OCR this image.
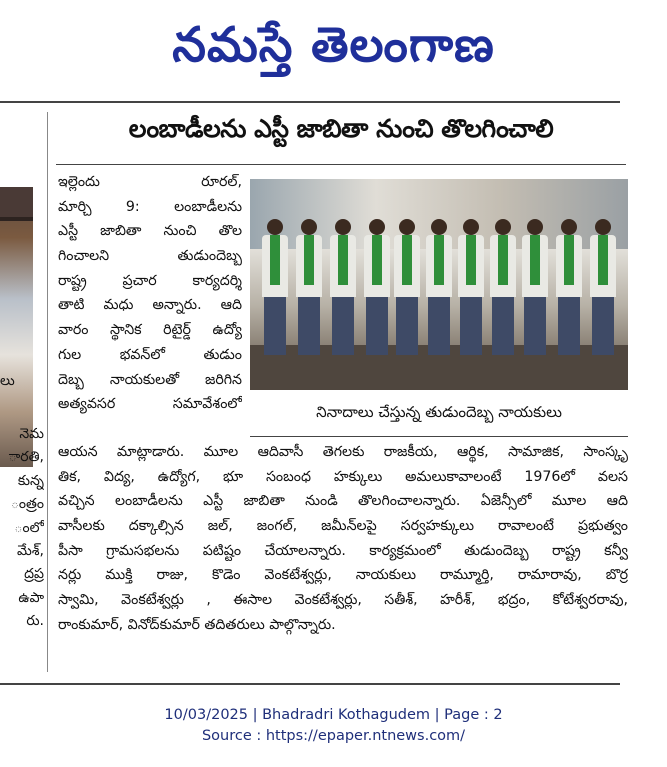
నమస్తే తెలంగాణ
లు
నెమ
ారతి,
కున్న
ంత్రం
ంలో
మేశ్,
ద్రప్ర
ఉపా
రు.
లంబాడీలను ఎస్టీ జాబితా నుంచి తొలగించాలి
ఇల్లెందు రూరల్,
మార్చి 9: లంబాడీలను
ఎస్టీ జాబితా నుంచి తొల
గించాలని తుడుందెబ్బ
రాష్ట్ర ప్రచార కార్యదర్శి
తాటి మధు అన్నారు. ఆది
వారం స్థానిక రిటైర్డ్ ఉద్యో
గుల భవన్‌లో తుడుం
దెబ్బ నాయకులతో జరిగిన
అత్యవసర సమావేశంలో	నినాదాలు చేస్తున్న తుడుందెబ్బ నాయకులు
ఆయన మాట్లాడారు. మూల ఆదివాసీ తెగలకు రాజకీయ, ఆర్థిక, సామాజిక, సాంస్కృ
తిక, విద్య, ఉద్యోగ, భూ సంబంధ హక్కులు అమలుకావాలంటే 1976లో వలస
వచ్చిన లంబాడీలను ఎస్టీ జాబితా నుండి తొలగించాలన్నారు. ఏజెన్సీలో మూల ఆది
వాసీలకు దక్కాల్సిన జల్, జంగల్, జమీన్‌లపై సర్వహక్కులు రావాలంటే ప్రభుత్వం
పీసా గ్రామసభలను పటిష్టం చేయాలన్నారు. కార్యక్రమంలో తుడుందెబ్బ రాష్ట్ర కన్వీ
నర్లు ముక్తి రాజు, కొడెం వెంకటేశ్వర్లు, నాయకులు రామ్మూర్తి, రామారావు, బొర్ర
స్వామి, వెంకటేశ్వర్లు , ఈసాల వెంకటేశ్వర్లు, సతీశ్, హరీశ్, భద్రం, కోటేశ్వరరావు,
రాంకుమార్, వినోద్‌కుమార్ తదితరులు పాల్గొన్నారు.
10/03/2025 | Bhadradri Kothagudem | Page : 2
Source : https://epaper.ntnews.com/
